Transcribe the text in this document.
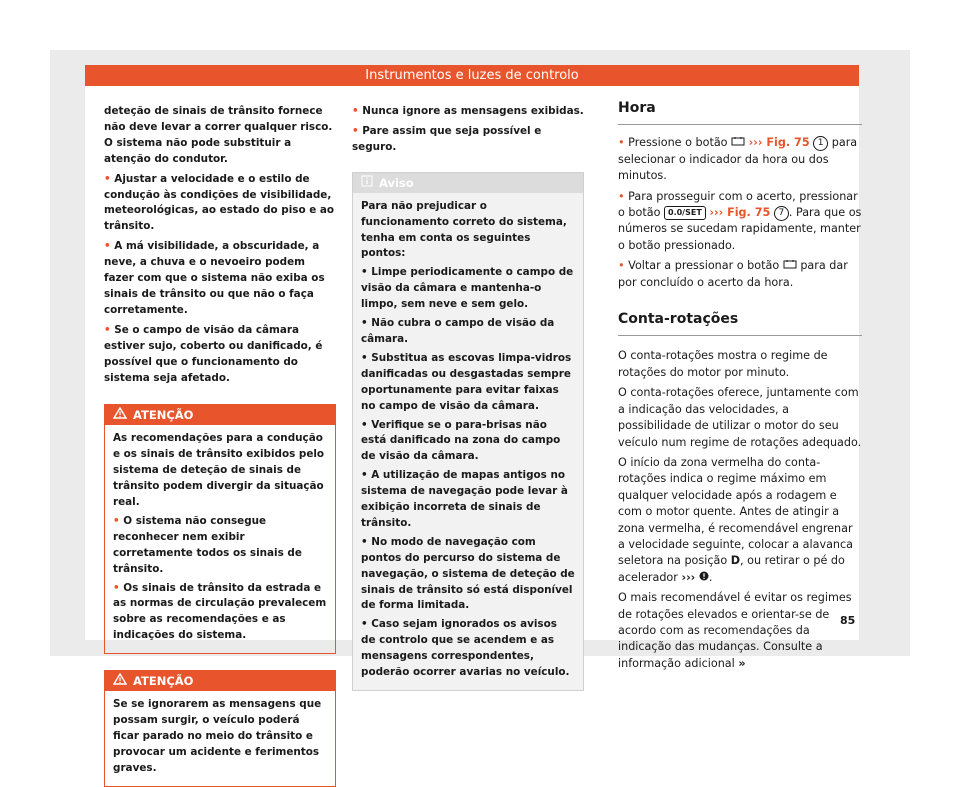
Instrumentos e luzes de controlo

deteção de sinais de trânsito fornece não deve levar a correr qualquer risco. O sistema não pode substituir a atenção do condutor.

• Ajustar a velocidade e o estilo de condução às condições de visibilidade, meteorológicas, ao estado do piso e ao trânsito.

• A má visibilidade, a obscuridade, a neve, a chuva e o nevoeiro podem fazer com que o sistema não exiba os sinais de trânsito ou que não o faça corretamente.

• Se o campo de visão da câmara estiver sujo, coberto ou danificado, é possível que o funcionamento do sistema seja afetado.

ATENÇÃO

As recomendações para a condução e os sinais de trânsito exibidos pelo sistema de deteção de sinais de trânsito podem divergir da situação real.

• O sistema não consegue reconhecer nem exibir corretamente todos os sinais de trânsito.

• Os sinais de trânsito da estrada e as normas de circulação prevalecem sobre as recomendações e as indicações do sistema.

ATENÇÃO

Se se ignorarem as mensagens que possam surgir, o veículo poderá ficar parado no meio do trânsito e provocar um acidente e ferimentos graves.

• Nunca ignore as mensagens exibidas.

• Pare assim que seja possível e seguro.

Aviso

Para não prejudicar o funcionamento correto do sistema, tenha em conta os seguintes pontos:

• Limpe periodicamente o campo de visão da câmara e mantenha-o limpo, sem neve e sem gelo.

• Não cubra o campo de visão da câmara.

• Substitua as escovas limpa-vidros danificadas ou desgastadas sempre oportunamente para evitar faixas no campo de visão da câmara.

• Verifique se o para-brisas não está danificado na zona do campo de visão da câmara.

• A utilização de mapas antigos no sistema de navegação pode levar à exibição incorreta de sinais de trânsito.

• No modo de navegação com pontos do percurso do sistema de navegação, o sistema de deteção de sinais de trânsito só está disponível de forma limitada.

• Caso sejam ignorados os avisos de controlo que se acendem e as mensagens correspondentes, poderão ocorrer avarias no veículo.

Hora

• Pressione o botão ››› Fig. 75 1 para selecionar o indicador da hora ou dos minutos.

• Para prosseguir com o acerto, pressionar o botão 0.0/SET ››› Fig. 75 7 . Para que os números se sucedam rapidamente, manter o botão pressionado.

• Voltar a pressionar o botão para dar por concluído o acerto da hora.

Conta-rotações

O conta-rotações mostra o regime de rotações do motor por minuto.

O conta-rotações oferece, juntamente com a indicação das velocidades, a possibilidade de utilizar o motor do seu veículo num regime de rotações adequado.

O início da zona vermelha do conta-rotações indica o regime máximo em qualquer velocidade após a rodagem e com o motor quente. Antes de atingir a zona vermelha, é recomendável engrenar a velocidade seguinte, colocar a alavanca seletora na posição D, ou retirar o pé do acelerador ››› .

O mais recomendável é evitar os regimes de rotações elevados e orientar-se de acordo com as recomendações da indicação das mudanças. Consulte a informação adicional »

85
